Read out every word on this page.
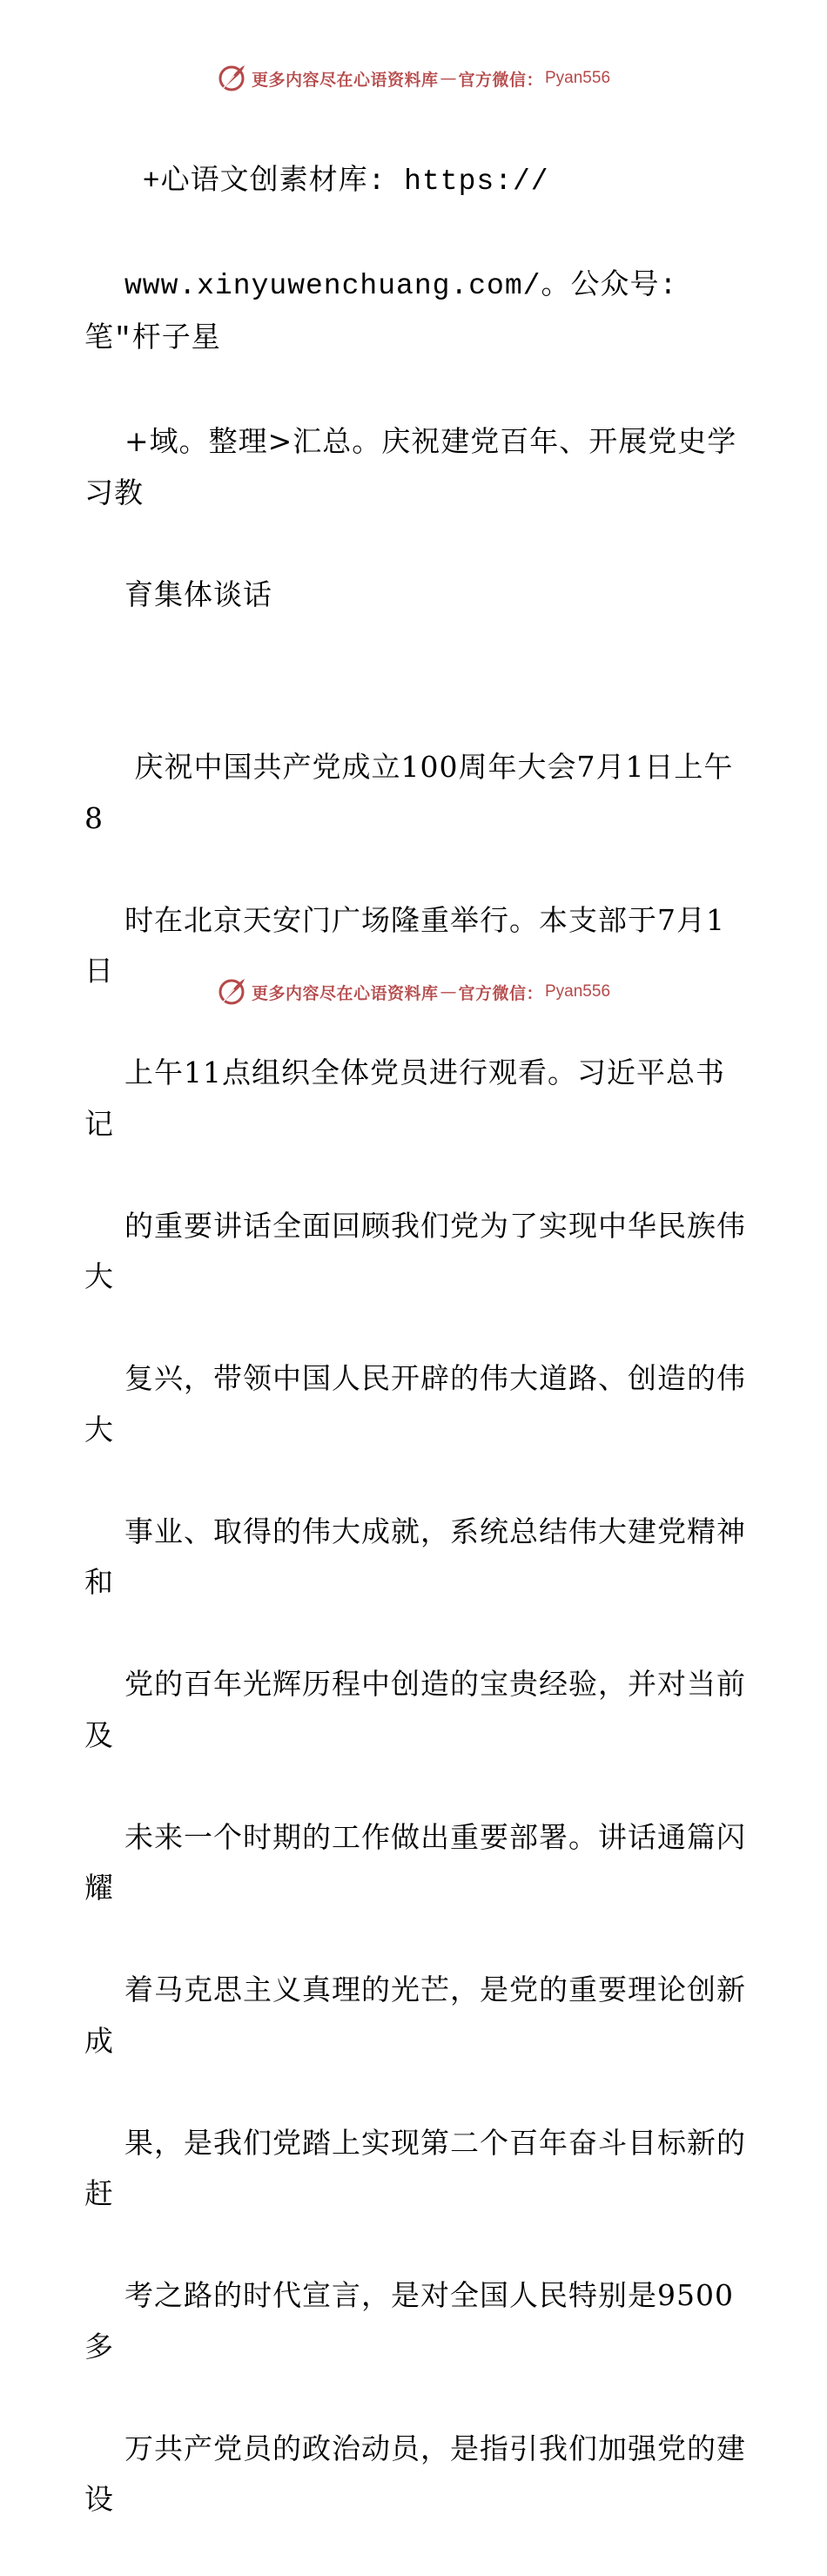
更多内容尽在心语资料库 — 官方微信： Pyan556

+心语文创素材库: https://

www.xinyuwenchuang.com/。公众号: 笔"杆子星

+域。整理>汇总。庆祝建党百年、开展党史学习教

育集体谈话

庆祝中国共产党成立100周年大会7月1日上午8

时在北京天安门广场隆重举行。本支部于7月1日

上午11点组织全体党员进行观看。习近平总书记

的重要讲话全面回顾我们党为了实现中华民族伟大

复兴，带领中国人民开辟的伟大道路、创造的伟大

事业、取得的伟大成就，系统总结伟大建党精神和

党的百年光辉历程中创造的宝贵经验，并对当前及

未来一个时期的工作做出重要部署。讲话通篇闪耀

着马克思主义真理的光芒，是党的重要理论创新成

果，是我们党踏上实现第二个百年奋斗目标新的赶

考之路的时代宣言，是对全国人民特别是9500多

万共产党员的政治动员，是指引我们加强党的建设

更多内容尽在心语资料库 — 官方微信： Pyan556
